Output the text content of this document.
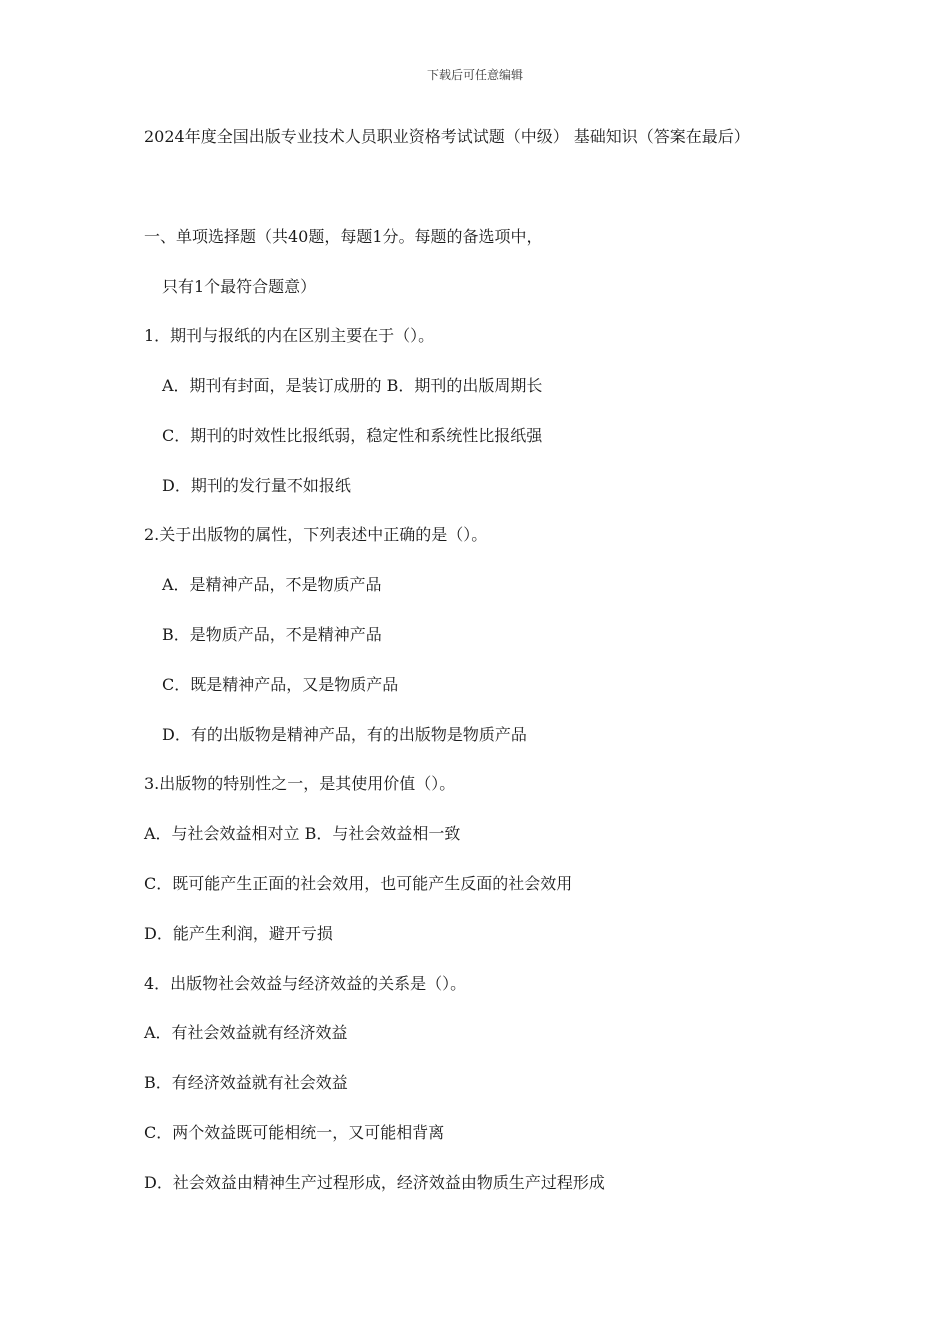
下载后可任意编辑
2024年度全国出版专业技术人员职业资格考试试题（中级） 基础知识（答案在最后）
一、单项选择题（共40题，每题1分。每题的备选项中，
只有1个最符合题意）
1．期刊与报纸的内在区别主要在于（）。
A．期刊有封面，是装订成册的 B．期刊的出版周期长
C．期刊的时效性比报纸弱，稳定性和系统性比报纸强
D．期刊的发行量不如报纸
2.关于出版物的属性，下列表述中正确的是（）。
A．是精神产品，不是物质产品
B．是物质产品，不是精神产品
C．既是精神产品，又是物质产品
D．有的出版物是精神产品，有的出版物是物质产品
3.出版物的特别性之一，是其使用价值（）。
A．与社会效益相对立 B．与社会效益相一致
C．既可能产生正面的社会效用，也可能产生反面的社会效用
D．能产生利润，避开亏损
4．出版物社会效益与经济效益的关系是（）。
A．有社会效益就有经济效益
B．有经济效益就有社会效益
C．两个效益既可能相统一，又可能相背离
D．社会效益由精神生产过程形成，经济效益由物质生产过程形成
